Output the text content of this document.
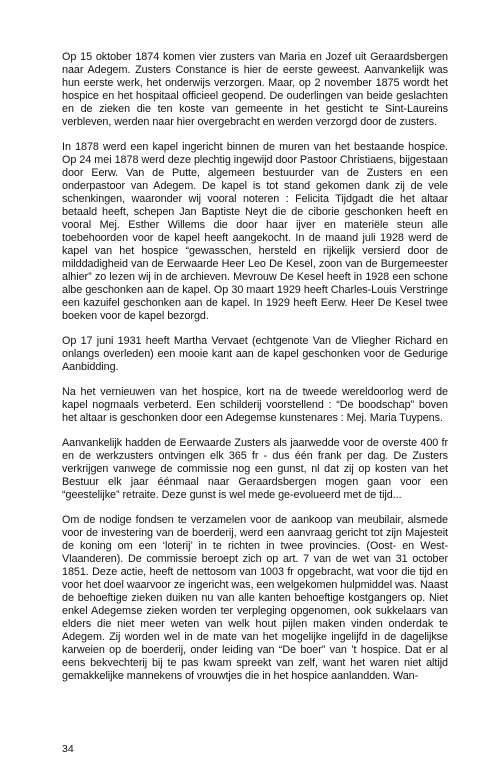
Op 15 oktober 1874 komen vier zusters van Maria en Jozef uit Geraardsbergen naar Adegem. Zusters Constance is hier de eerste geweest. Aanvankelijk was hun eerste werk, het onderwijs verzorgen. Maar, op 2 november 1875 wordt het hospice en het hospitaal officieel geopend. De ouderlingen van beide geslachten en de zieken die ten koste van gemeente in het gesticht te Sint-Laureins verbleven, werden naar hier overgebracht en werden verzorgd door de zusters.

In 1878 werd een kapel ingericht binnen de muren van het bestaande hospice. Op 24 mei 1878 werd deze plechtig ingewijd door Pastoor Christiaens, bijgestaan door Eerw. Van de Putte, algemeen bestuurder van de Zusters en een onderpastoor van Adegem. De kapel is tot stand gekomen dank zij de vele schenkingen, waaronder wij vooral noteren : Felicita Tijdgadt die het altaar betaald heeft, schepen Jan Baptiste Neyt die de ciborie geschonken heeft en vooral Mej. Esther Willems die door haar ijver en materiële steun alle toebehoorden voor de kapel heeft aangekocht. In de maand juli 1928 werd de kapel van het hospice “gewasschen, hersteld en rijkelijk versierd door de milddadigheid van de Eerwaarde Heer Leo De Kesel, zoon van de Burgemeester alhier” zo lezen wij in de archieven. Mevrouw De Kesel heeft in 1928 een schone albe geschonken aan de kapel. Op 30 maart 1929 heeft Charles-Louis Verstringe een kazuifel geschonken aan de kapel. In 1929 heeft Eerw. Heer De Kesel twee boeken voor de kapel bezorgd.

Op 17 juni 1931 heeft Martha Vervaet (echtgenote Van de Vliegher Richard en onlangs overleden) een mooie kant aan de kapel geschonken voor de Gedurige Aanbidding.

Na het vernieuwen van het hospice, kort na de tweede wereldoorlog werd de kapel nogmaals verbeterd. Een schilderij voorstellend : “De boodschap” boven het altaar is geschonken door een Adegemse kunstenares : Mej. Maria Tuypens.

Aanvankelijk hadden de Eerwaarde Zusters als jaarwedde voor de overste 400 fr en de werkzusters ontvingen elk 365 fr - dus één frank per dag. De Zusters verkrijgen vanwege de commissie nog een gunst, nl dat zij op kosten van het Bestuur elk jaar éénmaal naar Geraardsbergen mogen gaan voor een “geestelijke” retraite. Deze gunst is wel mede ge-evolueerd met de tijd...

Om de nodige fondsen te verzamelen voor de aankoop van meubilair, alsmede voor de investering van de boerderij, werd een aanvraag gericht tot zijn Majesteit de koning om een ‘loterij’ in te richten in twee provincies. (Oost- en West-Vlaanderen). De commissie beroept zich op art. 7 van de wet van 31 october 1851. Deze actie, heeft de nettosom van 1003 fr opgebracht, wat voor die tijd en voor het doel waarvoor ze ingericht was, een welgekomen hulpmiddel was. Naast de behoeftige zieken duiken nu van alle kanten behoeftige kostgangers op. Niet enkel Adegemse zieken worden ter verpleging opgenomen, ook sukkelaars van elders die niet meer weten van welk hout pijlen maken vinden onderdak te Adegem. Zij worden wel in de mate van het mogelijke ingelijfd in de dagelijkse karweien op de boerderij, onder leiding van “De boer” van ’t hospice. Dat er al eens bekvechterij bij te pas kwam spreekt van zelf, want het waren niet altijd gemakkelijke mannekens of vrouwtjes die in het hospice aanlandden. Wan-

34
